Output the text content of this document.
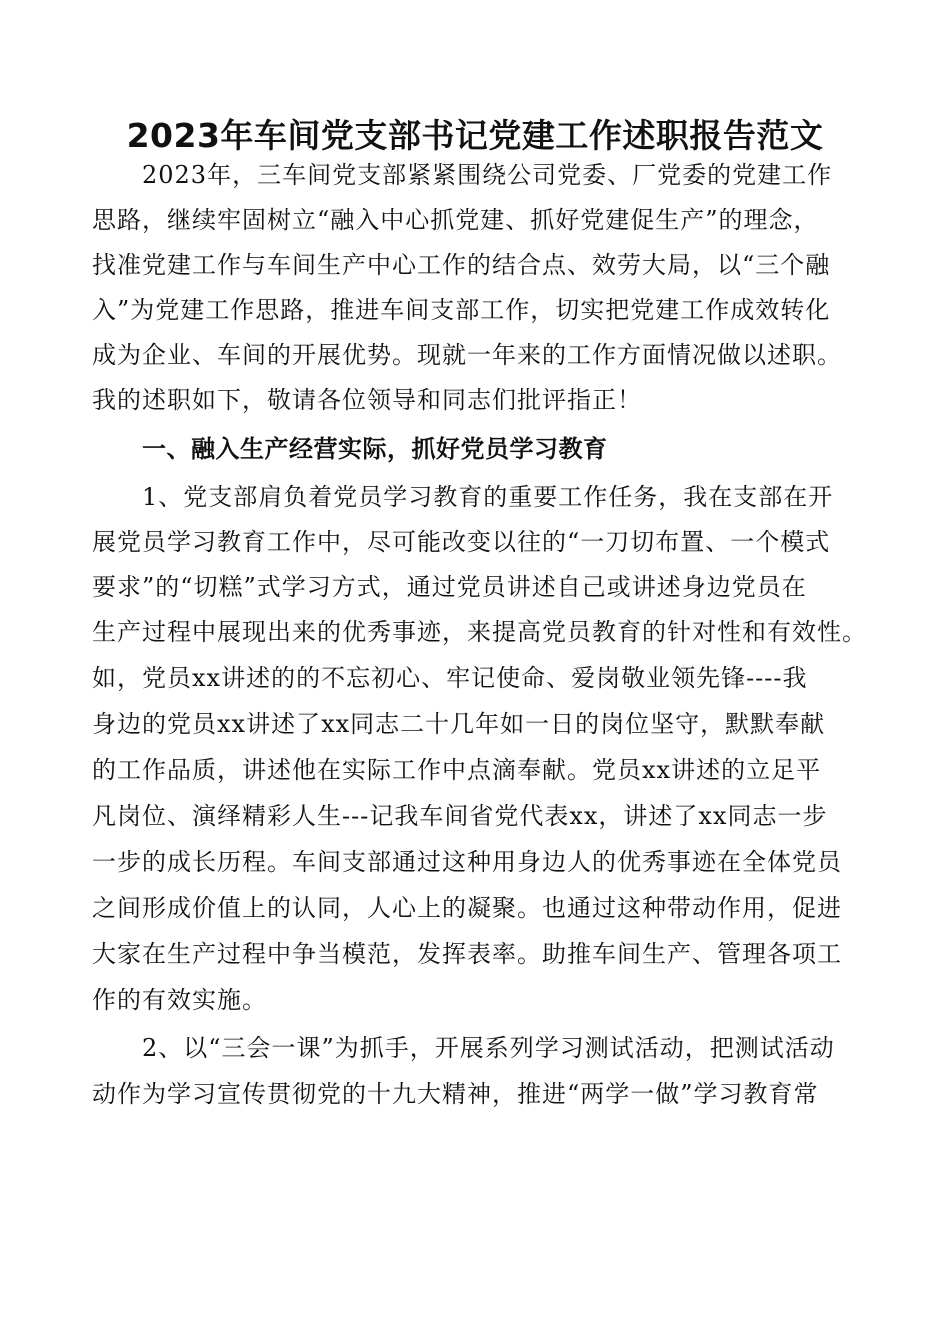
2023年车间党支部书记党建工作述职报告范文
2023年，三车间党支部紧紧围绕公司党委、厂党委的党建工作
思路，继续牢固树立“融入中心抓党建、抓好党建促生产”的理念，
找准党建工作与车间生产中心工作的结合点、效劳大局，以“三个融
入”为党建工作思路，推进车间支部工作，切实把党建工作成效转化
成为企业、车间的开展优势。现就一年来的工作方面情况做以述职。
我的述职如下，敬请各位领导和同志们批评指正！
一、融入生产经营实际，抓好党员学习教育
1、党支部肩负着党员学习教育的重要工作任务，我在支部在开
展党员学习教育工作中，尽可能改变以往的“一刀切布置、一个模式
要求”的“切糕”式学习方式，通过党员讲述自己或讲述身边党员在
生产过程中展现出来的优秀事迹，来提高党员教育的针对性和有效性。
如，党员xx讲述的的不忘初心、牢记使命、爱岗敬业领先锋----我
身边的党员xx讲述了xx同志二十几年如一日的岗位坚守，默默奉献
的工作品质，讲述他在实际工作中点滴奉献。党员xx讲述的立足平
凡岗位、演绎精彩人生---记我车间省党代表xx，讲述了xx同志一步
一步的成长历程。车间支部通过这种用身边人的优秀事迹在全体党员
之间形成价值上的认同，人心上的凝聚。也通过这种带动作用，促进
大家在生产过程中争当模范，发挥表率。助推车间生产、管理各项工
作的有效实施。
2、以“三会一课”为抓手，开展系列学习测试活动，把测试活动
动作为学习宣传贯彻党的十九大精神，推进“两学一做”学习教育常
